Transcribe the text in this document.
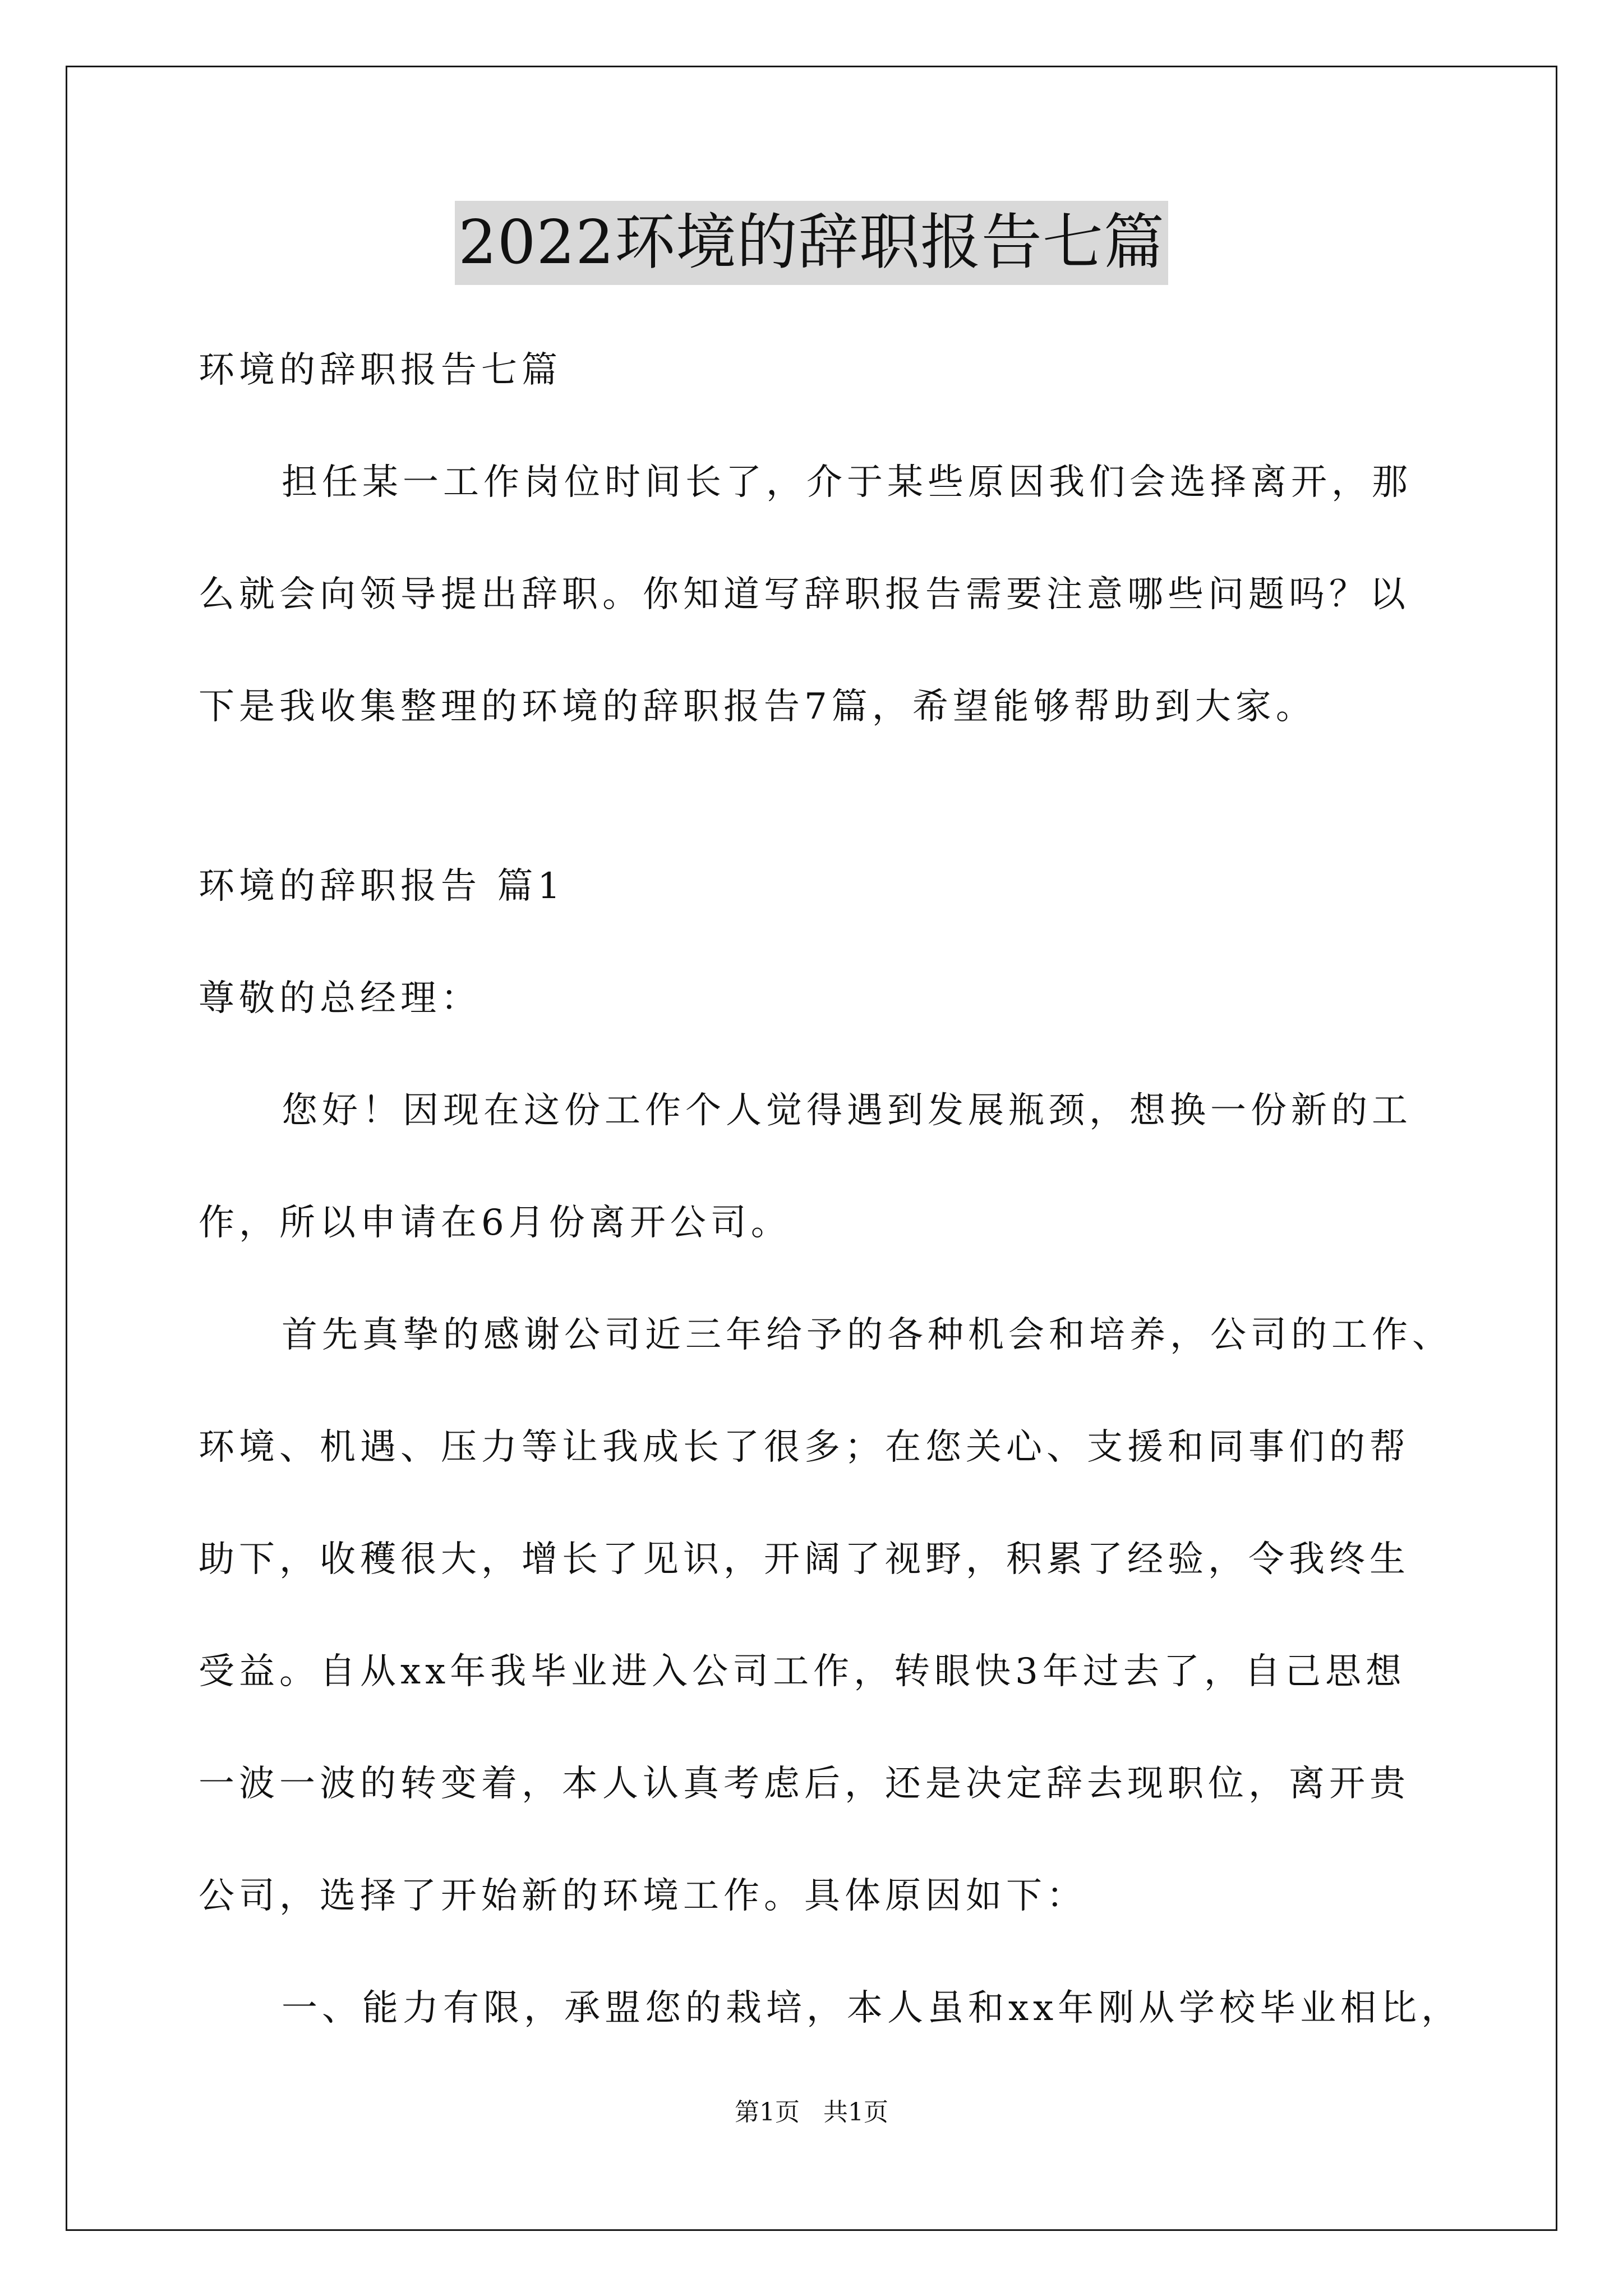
2022环境的辞职报告七篇
环境的辞职报告七篇
担任某一工作岗位时间长了，介于某些原因我们会选择离开，那
么就会向领导提出辞职。你知道写辞职报告需要注意哪些问题吗？以
下是我收集整理的环境的辞职报告7篇，希望能够帮助到大家。
环境的辞职报告 篇1
尊敬的总经理：
您好！因现在这份工作个人觉得遇到发展瓶颈，想换一份新的工
作，所以申请在6月份离开公司。
首先真挚的感谢公司近三年给予的各种机会和培养，公司的工作、
环境、机遇、压力等让我成长了很多；在您关心、支援和同事们的帮
助下，收穫很大，增长了见识，开阔了视野，积累了经验，令我终生
受益。自从xx年我毕业进入公司工作，转眼快3年过去了，自己思想
一波一波的转变着，本人认真考虑后，还是决定辞去现职位，离开贵
公司，选择了开始新的环境工作。具体原因如下：
一、能力有限，承盟您的栽培，本人虽和xx年刚从学校毕业相比，
第1页   共1页
